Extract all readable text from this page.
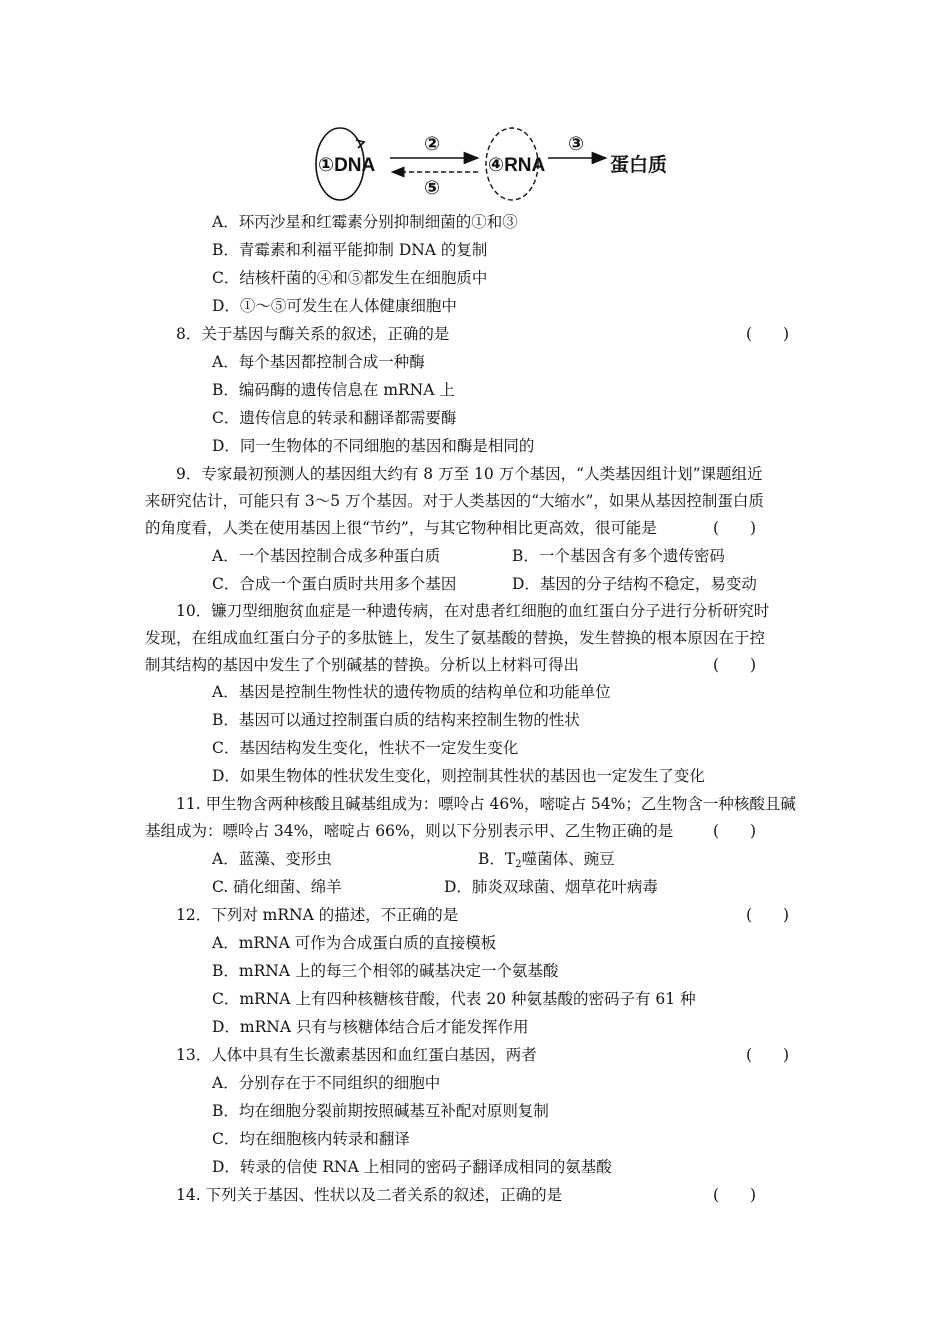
①DNA
②
⑤
④RNA
③
蛋白质
A．环丙沙星和红霉素分别抑制细菌的①和③
B．青霉素和利福平能抑制 DNA 的复制
C．结核杆菌的④和⑤都发生在细胞质中
D．①～⑤可发生在人体健康细胞中
8．关于基因与酶关系的叙述，正确的是	(　　)
A．每个基因都控制合成一种酶
B．编码酶的遗传信息在 mRNA 上
C．遗传信息的转录和翻译都需要酶
D．同一生物体的不同细胞的基因和酶是相同的
9．专家最初预测人的基因组大约有 8 万至 10 万个基因，“人类基因组计划”课题组近
来研究估计，可能只有 3～5 万个基因。对于人类基因的“大缩水”，如果从基因控制蛋白质
的角度看，人类在使用基因上很“节约”，与其它物种相比更高效，很可能是	(　　)
A．一个基因控制合成多种蛋白质	B．一个基因含有多个遗传密码
C．合成一个蛋白质时共用多个基因	D．基因的分子结构不稳定，易变动
10．镰刀型细胞贫血症是一种遗传病，在对患者红细胞的血红蛋白分子进行分析研究时
发现，在组成血红蛋白分子的多肽链上，发生了氨基酸的替换，发生替换的根本原因在于控
制其结构的基因中发生了个别碱基的替换。分析以上材料可得出	(　　)
A．基因是控制生物性状的遗传物质的结构单位和功能单位
B．基因可以通过控制蛋白质的结构来控制生物的性状
C．基因结构发生变化，性状不一定发生变化
D．如果生物体的性状发生变化，则控制其性状的基因也一定发生了变化
11. 甲生物含两种核酸且碱基组成为：嘌呤占 46%，嘧啶占 54%；乙生物含一种核酸且碱
基组成为：嘌呤占 34%，嘧啶占 66%，则以下分别表示甲、乙生物正确的是	(　　)
A．蓝藻、变形虫	B．$T_2$噬菌体、豌豆
C. 硝化细菌、绵羊	D．肺炎双球菌、烟草花叶病毒
12．下列对 mRNA 的描述，不正确的是	(　　)
A．mRNA 可作为合成蛋白质的直接模板
B．mRNA 上的每三个相邻的碱基决定一个氨基酸
C．mRNA 上有四种核糖核苷酸，代表 20 种氨基酸的密码子有 61 种
D．mRNA 只有与核糖体结合后才能发挥作用
13．人体中具有生长激素基因和血红蛋白基因，两者	(　　)
A．分别存在于不同组织的细胞中
B．均在细胞分裂前期按照碱基互补配对原则复制
C．均在细胞核内转录和翻译
D．转录的信使 RNA 上相同的密码子翻译成相同的氨基酸
14. 下列关于基因、性状以及二者关系的叙述，正确的是	(　　)
